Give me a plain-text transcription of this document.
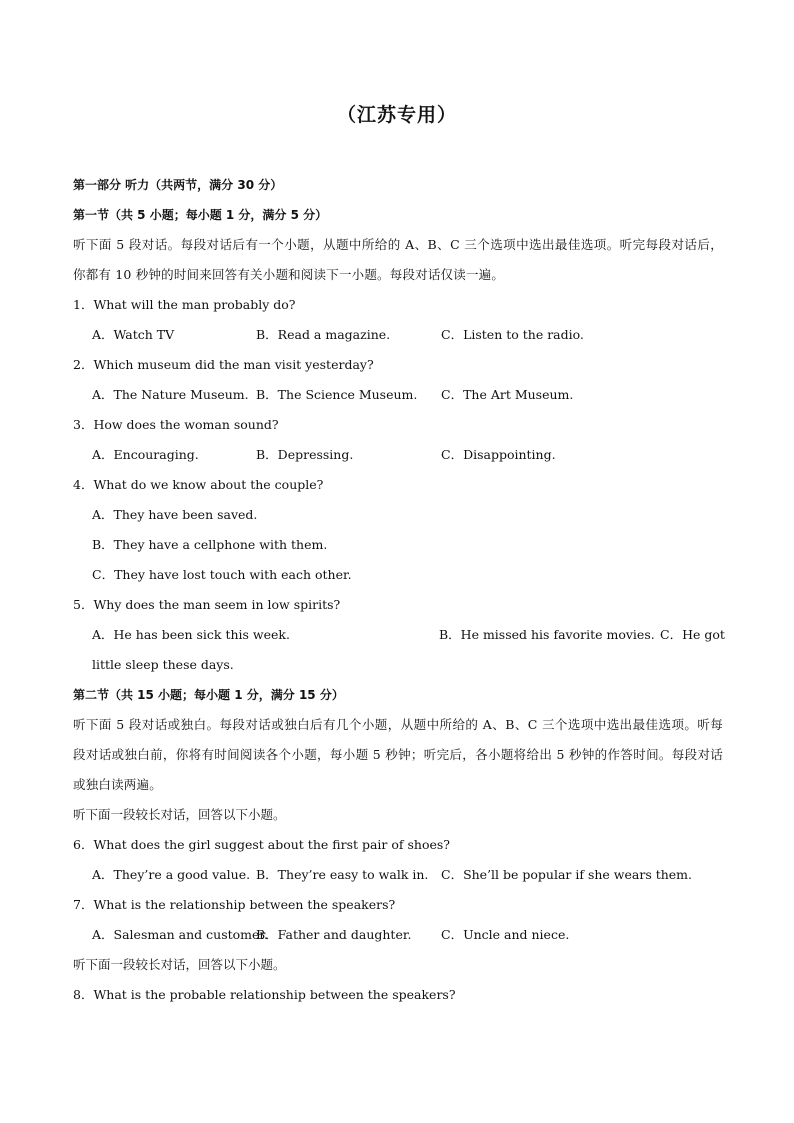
（江苏专用）
第一部分 听力（共两节，满分 30 分）
第一节（共 5 小题；每小题 1 分，满分 5 分）
听下面 5 段对话。每段对话后有一个小题，从题中所给的 A、B、C 三个选项中选出最佳选项。听完每段对话后，你都有 10 秒钟的时间来回答有关小题和阅读下一小题。每段对话仅读一遍。
1．What will the man probably do?
A．Watch TV	B．Read a magazine.	C．Listen to the radio.
2．Which museum did the man visit yesterday?
A．The Nature Museum. B．The Science Museum. C．The Art Museum.
3．How does the woman sound?
A．Encouraging.	B．Depressing.	C．Disappointing.
4．What do we know about the couple?
A．They have been saved.
B．They have a cellphone with them.
C．They have lost touch with each other.
5．Why does the man seem in low spirits?
A．He has been sick this week.	B．He missed his favorite movies. C．He got
little sleep these days.
第二节（共 15 小题；每小题 1 分，满分 15 分）
听下面 5 段对话或独白。每段对话或独白后有几个小题，从题中所给的 A、B、C 三个选项中选出最佳选项。听每段对话或独白前，你将有时间阅读各个小题，每小题 5 秒钟；听完后，各小题将给出 5 秒钟的作答时间。每段对话或独白读两遍。
听下面一段较长对话，回答以下小题。
6．What does the girl suggest about the first pair of shoes?
A．They’re a good value. B．They’re easy to walk in. C．She’ll be popular if she wears them.
7．What is the relationship between the speakers?
A．Salesman and customer.
B．Father and daughter. C．Uncle and niece.
听下面一段较长对话，回答以下小题。
8．What is the probable relationship between the speakers?
